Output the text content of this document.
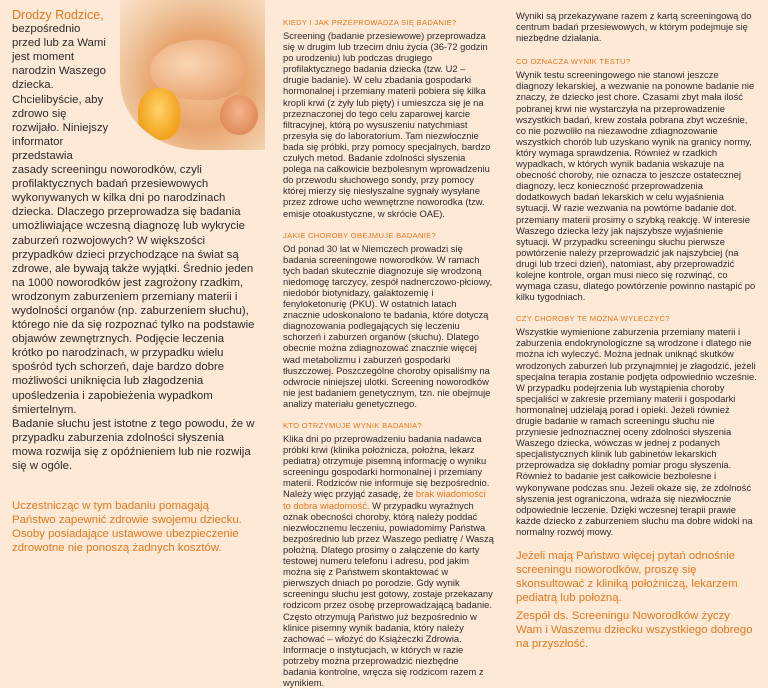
Drodzy Rodzice,
bezpośrednio przed lub za Wami jest moment narodzin Waszego dziecka. Chcielibyście, aby zdrowo się rozwijało. Niniejszy informator przedstawia
zasady screeningu noworodków, czyli profilaktycznych badań przesiewowych wykonywanych w kilka dni po narodzinach dziecka. Dlaczego przeprowadza się badania umożliwiające wczesną diagnozę lub wykrycie zaburzeń rozwojowych? W większości przypadków dzieci przychodzące na świat są zdrowe, ale bywają także wyjątki. Średnio jeden na 1000 noworodków jest zagrożony rzadkim, wrodzonym zaburzeniem przemiany materii i wydolności organów (np. zaburzeniem słuchu), którego nie da się rozpoznać tylko na podstawie objawów zewnętrznych. Podjęcie leczenia krótko po narodzinach, w przypadku wielu spośród tych schorzeń, daje bardzo dobre możliwości uniknięcia lub złagodzenia upośledzenia i zapobieżenia wypadkom śmiertelnym.
Badanie słuchu jest istotne z tego powodu, że w przypadku zaburzenia zdolności słyszenia mowa rozwija się z opóźnieniem lub nie rozwija się w ogóle.
Uczestnicząc w tym badaniu pomagają Państwo zapewnić zdrowie swojemu dziecku. Osoby posiadające ustawowe ubezpieczenie zdrowotne nie ponoszą żadnych kosztów.
KIEDY I JAK PRZEPROWADZA SIĘ BADANIE?

Screening (badanie przesiewowe) przeprowadza się w drugim lub trzecim dniu życia (36-72 godzin po urodzeniu) lub podczas drugiego profilaktycznego badania dziecka (tzw. U2 – drugie badanie). W celu zbadania gospodarki hormonalnej i przemiany materii pobiera się kilka kropli krwi (z żyły lub pięty) i umieszcza się je na przeznaczonej do tego celu zaparowej karcie filtracyjnej, którą po wysuszeniu natychmiast przesyła się do laboratorium. Tam niezwłocznie bada się próbki, przy pomocy specjalnych, bardzo czułych metod. Badanie zdolności słyszenia polega na całkowicie bezbolesnym wprowadzeniu do przewodu słuchowego sondy, przy pomocy której mierzy się niesłyszalne sygnały wysyłane przez zdrowe ucho wewnętrzne noworodka (tzw. emisje otoakustyczne, w skrócie OAE).

JAKIE CHOROBY OBEJMUJE BADANIE?

Od ponad 30 lat w Niemczech prowadzi się badania screeningowe noworodków. W ramach tych badań skutecznie diagnozuje się wrodzoną niedomogę tarczycy, zespół nadnerczowo-płciowy, niedobór biotynidazy, galaktozemię i fenyloketonurię (PKU). W ostatnich latach znacznie udoskonalono te badania, które dotyczą diagnozowania podlegających się leczeniu schorzeń i zaburzeń organów (słuchu). Dlatego obecnie można zdiagnozować znacznie więcej wad metabolizmu i zaburzeń gospodarki tłuszczowej. Poszczególne choroby opisaliśmy na odwrocie niniejszej ulotki. Screening noworodków nie jest badaniem genetycznym, tzn. nie obejmuje analizy materiału genetycznego.

KTO OTRZYMUJE WYNIK BADANIA?

Klika dni po przeprowadzeniu badania nadawca próbki krwi (klinika położnicza, położna, lekarz pediatra) otrzymuje pisemną informację o wyniku screeningu gospodarki hormonalnej i przemiany materii. Rodziców nie informuje się bezpośrednio. Należy więc przyjąć zasadę, że brak wiadomości to dobra wiadomość. W przypadku wyraźnych oznak obecności choroby, którą należy poddać niezwłocznemu leczeniu, powiadomimy Państwa bezpośrednio lub przez Waszego pediatrę / Waszą położną. Dlatego prosimy o załączenie do karty testowej numeru telefonu i adresu, pod jakim można się z Państwem skontaktować w pierwszych dniach po porodzie. Gdy wynik screeningu słuchu jest gotowy, zostaje przekazany rodzicom przez osobę przeprowadzającą badanie. Często otrzymują Państwo już bezpośrednio w klinice pisemny wynik badania, który należy zachować – włożyć do Książeczki Zdrowia. Informacje o instytucjach, w których w razie potrzeby można przeprowadzić niezbędne badania kontrolne, wręcza się rodzicom razem z wynikiem.

Wyniki są przekazywane razem z kartą screeningową do centrum badań przesiewowych, w którym podejmuje się niezbędne działania.

CO OZNACZA WYNIK TESTU?

Wynik testu screeningowego nie stanowi jeszcze diagnozy lekarskiej, a wezwanie na ponowne badanie nie znaczy, że dziecko jest chore. Czasami zbyt mała ilość pobranej krwi nie wystarczyła na przeprowadzenie wszystkich badań, krew została pobrana zbyt wcześnie, co nie pozwoliło na niezawodne zdiagnozowanie wszystkich chorób lub uzyskano wynik na granicy normy, który wymaga sprawdzenia. Również w rzadkich wypadkach, w których wynik badania wskazuje na obecność choroby, nie oznacza to jeszcze ostatecznej diagnozy, lecz konieczność przeprowadzenia dodatkowych badań lekarskich w celu wyjaśnienia sytuacji. W razie wezwania na powtórne badanie dot. przemiany materii prosimy o szybką reakcję. W interesie Waszego dziecka leży jak najszybsze wyjaśnienie sytuacji. W przypadku screeningu słuchu pierwsze powtórzenie należy przeprowadzić jak najszybciej (na drugi lub trzeci dzień), natomiast, aby przeprowadzić kolejne kontrole, organ musi nieco się rozwinąć, co wymaga czasu, dlatego powtórzenie powinno nastąpić po kilku tygodniach.

CZY CHOROBY TE MOŻNA WYLECZYĆ?

Wszystkie wymienione zaburzenia przemiany materii i zaburzenia endokrynologiczne są wrodzone i dlatego nie można ich wyleczyć. Można jednak uniknąć skutków wrodzonych zaburzeń lub przynajmniej je złagodzić, jeżeli specjalna terapia zostanie podjęta odpowiednio wcześnie. W przypadku podejrzenia lub wystąpienia choroby specjaliści w zakresie przemiany materii i gospodarki hormonalnej udzielają porad i opieki. Jeżeli również drugie badanie w ramach screeningu słuchu nie przyniesie jednoznacznej oceny zdolności słyszenia Waszego dziecka, wówczas w jednej z podanych specjalistycznych klinik lub gabinetów lekarskich przeprowadza się dokładny pomiar progu słyszenia. Również to badanie jest całkowicie bezbolesne i wykonywane podczas snu. Jeżeli okaże się, że zdolność słyszenia jest ograniczona, wdraża się niezwłocznie odpowiednie leczenie. Dzięki wczesnej terapii prawie każde dziecko z zaburzeniem słuchu ma dobre widoki na normalny rozwój mowy.

Jeżeli mają Państwo więcej pytań odnośnie screeningu noworodków, proszę się skonsultować z kliniką położniczą, lekarzem pediatrą lub położną.
Zespół ds. Screeningu Noworodków życzy Wam i Waszemu dziecku wszystkiego dobrego na przyszłość.
